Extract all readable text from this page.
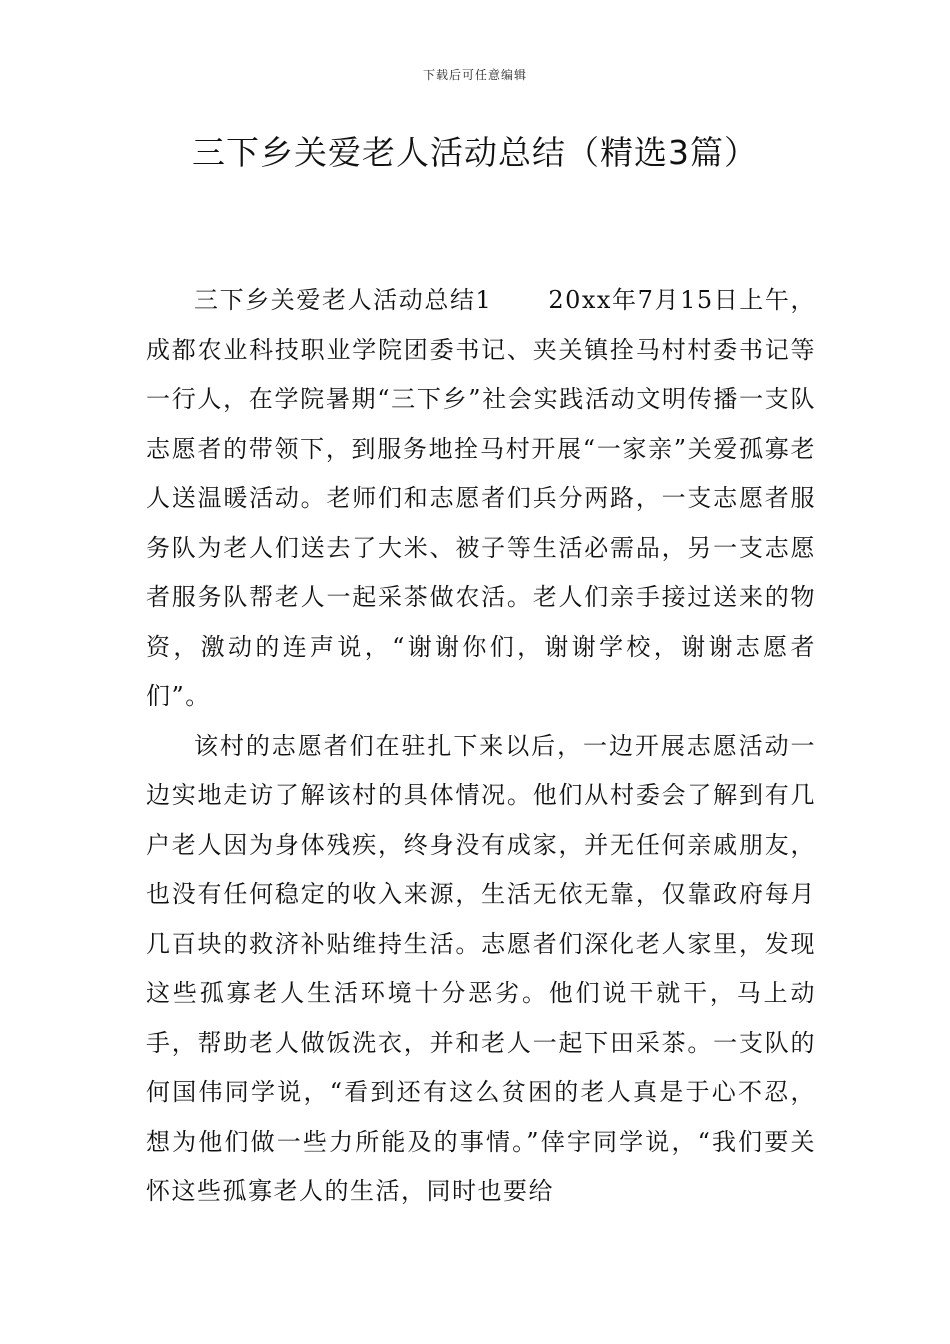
下载后可任意编辑
三下乡关爱老人活动总结（精选3篇）

三下乡关爱老人活动总结1 20xx年7月15日上午，成都农业科技职业学院团委书记、夹关镇拴马村村委书记等一行人，在学院暑期“三下乡”社会实践活动文明传播一支队志愿者的带领下，到服务地拴马村开展“一家亲”关爱孤寡老人送温暖活动。老师们和志愿者们兵分两路，一支志愿者服务队为老人们送去了大米、被子等生活必需品，另一支志愿者服务队帮老人一起采茶做农活。老人们亲手接过送来的物资，激动的连声说，“谢谢你们，谢谢学校，谢谢志愿者们”。

该村的志愿者们在驻扎下来以后，一边开展志愿活动一边实地走访了解该村的具体情况。他们从村委会了解到有几户老人因为身体残疾，终身没有成家，并无任何亲戚朋友，也没有任何稳定的收入来源，生活无依无靠，仅靠政府每月几百块的救济补贴维持生活。志愿者们深化老人家里，发现这些孤寡老人生活环境十分恶劣。他们说干就干，马上动手，帮助老人做饭洗衣，并和老人一起下田采茶。一支队的何国伟同学说，“看到还有这么贫困的老人真是于心不忍，想为他们做一些力所能及的事情。”倖宇同学说，“我们要关怀这些孤寡老人的生活，同时也要给
